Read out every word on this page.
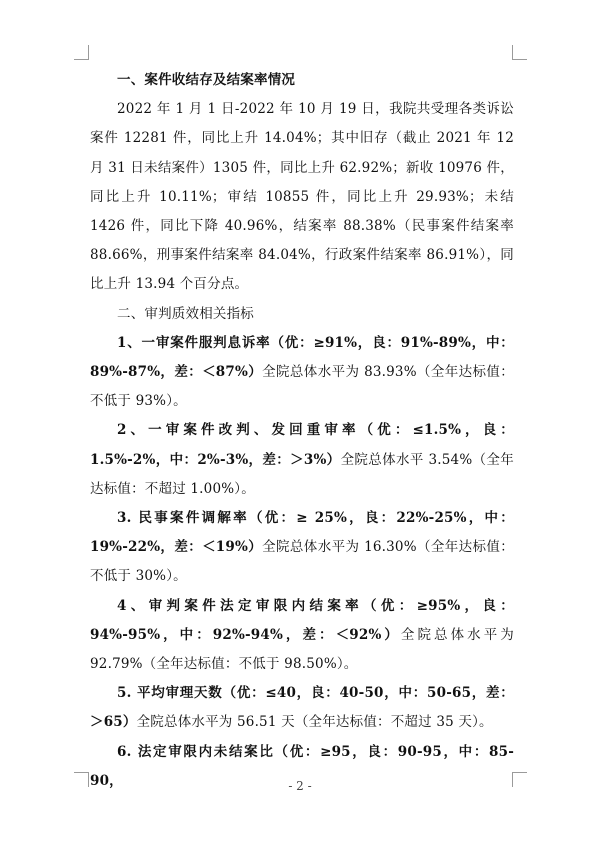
一、案件收结存及结案率情况

2022 年 1 月 1 日-2022 年 10 月 19 日，我院共受理各类诉讼案件 12281 件，同比上升 14.04%；其中旧存（截止 2021 年 12 月 31 日未结案件）1305 件，同比上升 62.92%；新收 10976 件，同比上升 10.11%；审结 10855 件，同比上升 29.93%；未结 1426 件，同比下降 40.96%，结案率 88.38%（民事案件结案率 88.66%，刑事案件结案率 84.04%，行政案件结案率 86.91%），同比上升 13.94 个百分点。

二、审判质效相关指标

1、一审案件服判息诉率（优：≥91%，良：91%-89%，中：89%-87%，差：＜87%）全院总体水平为 83.93%（全年达标值：不低于 93%）。

2、一审案件改判、发回重审率（优：≤1.5%，良：1.5%-2%，中：2%-3%，差：＞3%）全院总体水平 3.54%（全年达标值：不超过 1.00%）。

3. 民事案件调解率（优：≥ 25%，良：22%-25%，中：19%-22%，差：＜19%）全院总体水平为 16.30%（全年达标值：不低于 30%）。

4、审判案件法定审限内结案率（优：≥95%，良：94%-95%，中：92%-94%，差：＜92%）全院总体水平为 92.79%（全年达标值：不低于 98.50%）。

5. 平均审理天数（优：≤40，良：40-50，中：50-65，差：＞65）全院总体水平为 56.51 天（全年达标值：不超过 35 天）。

6. 法定审限内未结案比（优：≥95，良：90-95，中：85-90，	- 2 -
